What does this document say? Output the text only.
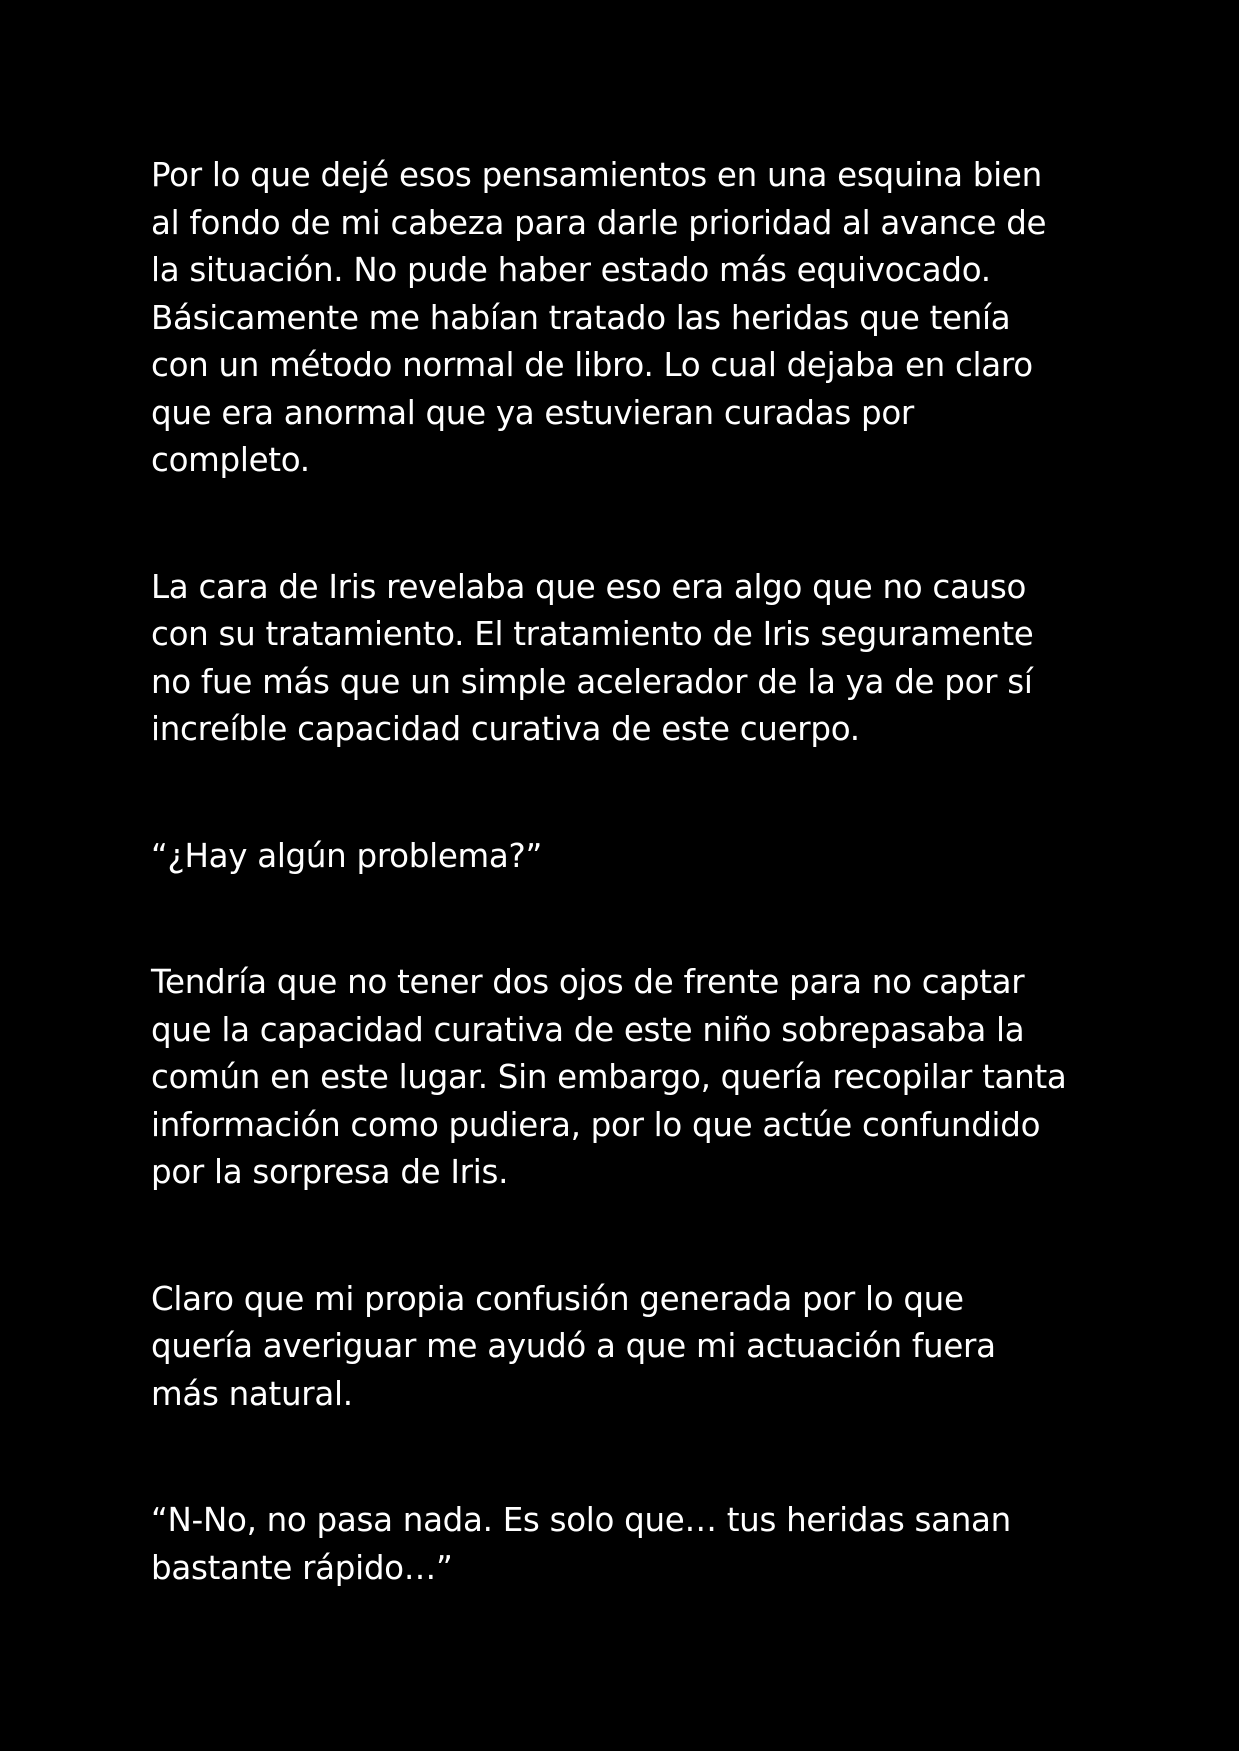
Por lo que dejé esos pensamientos en una esquina bien
al fondo de mi cabeza para darle prioridad al avance de
la situación. No pude haber estado más equivocado.
Básicamente me habían tratado las heridas que tenía
con un método normal de libro. Lo cual dejaba en claro
que era anormal que ya estuvieran curadas por
completo.

La cara de Iris revelaba que eso era algo que no causo
con su tratamiento. El tratamiento de Iris seguramente
no fue más que un simple acelerador de la ya de por sí
increíble capacidad curativa de este cuerpo.

“¿Hay algún problema?”

Tendría que no tener dos ojos de frente para no captar
que la capacidad curativa de este niño sobrepasaba la
común en este lugar. Sin embargo, quería recopilar tanta
información como pudiera, por lo que actúe confundido
por la sorpresa de Iris.

Claro que mi propia confusión generada por lo que
quería averiguar me ayudó a que mi actuación fuera
más natural.

“N-No, no pasa nada. Es solo que… tus heridas sanan
bastante rápido…”
